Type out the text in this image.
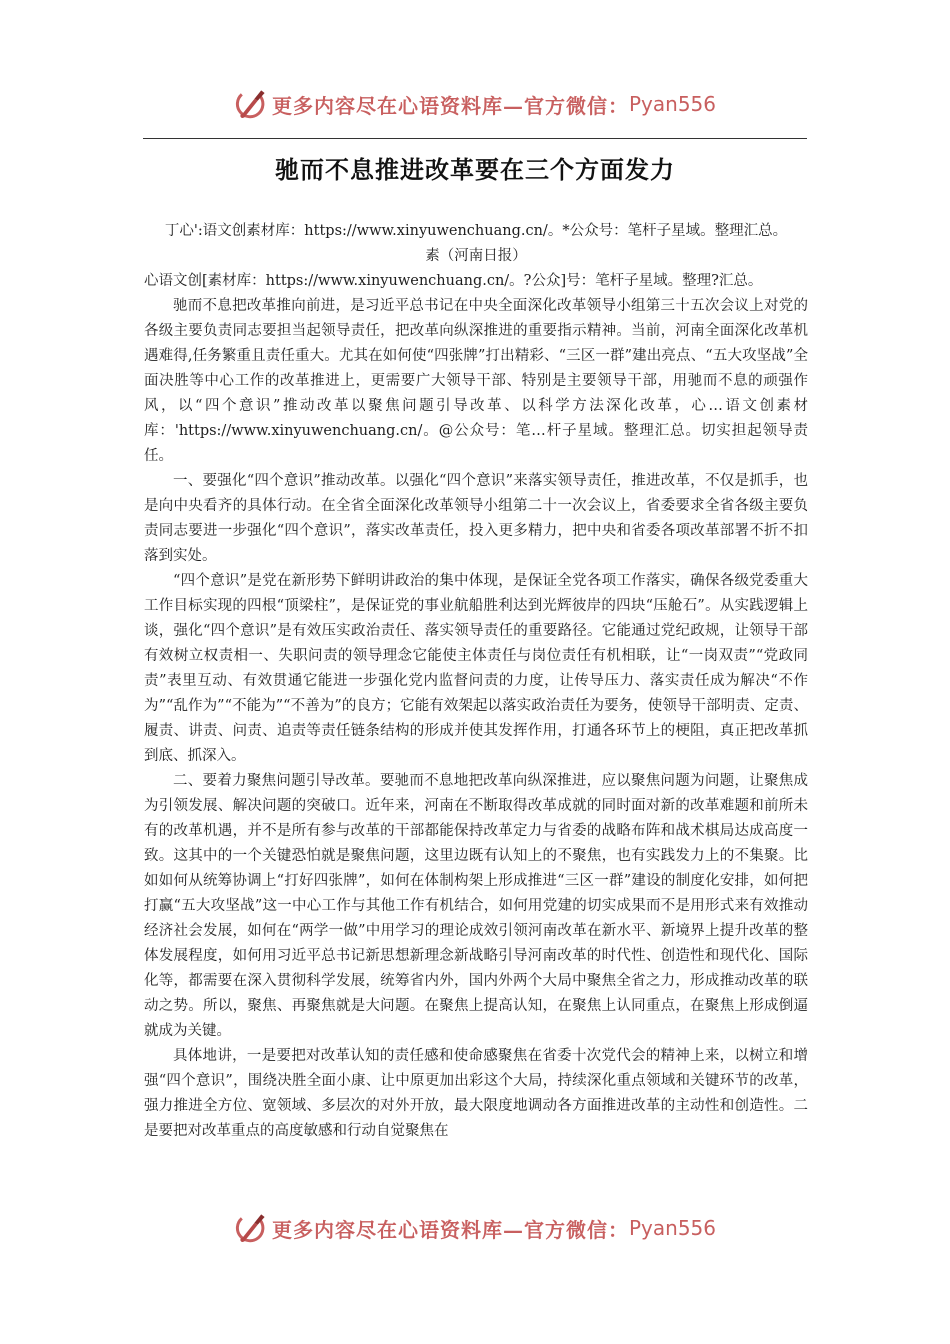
更多内容尽在心语资料库—官方微信： Pyan556
驰而不息推进改革要在三个方面发力

丁心':语文创素材库：https://www.xinyuwenchuang.cn/。*公众号：笔杆子星域。整理汇总。

素（河南日报）

心语文创[素材库：https://www.xinyuwenchuang.cn/。?公众]号：笔杆子星域。整理?汇总。

驰而不息把改革推向前进，是习近平总书记在中央全面深化改革领导小组第三十五次会议上对党的各级主要负责同志要担当起领导责任，把改革向纵深推进的重要指示精神。当前，河南全面深化改革机遇难得,任务繁重且责任重大。尤其在如何使“四张牌”打出精彩、“三区一群”建出亮点、“五大攻坚战”全面决胜等中心工作的改革推进上，更需要广大领导干部、特别是主要领导干部，用驰而不息的顽强作风，以“四个意识”推动改革以聚焦问题引导改革、以科学方法深化改革，心…语文创素材库：'https://www.xinyuwenchuang.cn/。@公众号：笔…杆子星域。整理汇总。切实担起领导责任。

一、要强化“四个意识”推动改革。以强化“四个意识”来落实领导责任，推进改革，不仅是抓手，也是向中央看齐的具体行动。在全省全面深化改革领导小组第二十一次会议上，省委要求全省各级主要负责同志要进一步强化“四个意识”，落实改革责任，投入更多精力，把中央和省委各项改革部署不折不扣落到实处。

“四个意识”是党在新形势下鲜明讲政治的集中体现，是保证全党各项工作落实，确保各级党委重大工作目标实现的四根“顶梁柱”，是保证党的事业航船胜利达到光辉彼岸的四块“压舱石”。从实践逻辑上谈，强化“四个意识”是有效压实政治责任、落实领导责任的重要路径。它能通过党纪政规，让领导干部有效树立权责相一、失职问责的领导理念它能使主体责任与岗位责任有机相联，让“一岗双责”“党政同责”表里互动、有效贯通它能进一步强化党内监督问责的力度，让传导压力、落实责任成为解决“不作为”“乱作为”“不能为”“不善为”的良方；它能有效架起以落实政治责任为要务，使领导干部明责、定责、履责、讲责、问责、追责等责任链条结构的形成并使其发挥作用，打通各环节上的梗阻，真正把改革抓到底、抓深入。

二、要着力聚焦问题引导改革。要驰而不息地把改革向纵深推进，应以聚焦问题为问题，让聚焦成为引领发展、解决问题的突破口。近年来，河南在不断取得改革成就的同时面对新的改革难题和前所未有的改革机遇，并不是所有参与改革的干部都能保持改革定力与省委的战略布阵和战术棋局达成高度一致。这其中的一个关键恐怕就是聚焦问题，这里边既有认知上的不聚焦，也有实践发力上的不集聚。比如如何从统筹协调上“打好四张牌”，如何在体制构架上形成推进“三区一群”建设的制度化安排，如何把打赢“五大攻坚战”这一中心工作与其他工作有机结合，如何用党建的切实成果而不是用形式来有效推动经济社会发展，如何在“两学一做”中用学习的理论成效引领河南改革在新水平、新境界上提升改革的整体发展程度，如何用习近平总书记新思想新理念新战略引导河南改革的时代性、创造性和现代化、国际化等，都需要在深入贯彻科学发展，统筹省内外，国内外两个大局中聚焦全省之力，形成推动改革的联动之势。所以，聚焦、再聚焦就是大问题。在聚焦上提高认知，在聚焦上认同重点，在聚焦上形成倒逼就成为关键。

具体地讲，一是要把对改革认知的责任感和使命感聚焦在省委十次党代会的精神上来，以树立和增强“四个意识”，围绕决胜全面小康、让中原更加出彩这个大局，持续深化重点领域和关键环节的改革，强力推进全方位、宽领域、多层次的对外开放，最大限度地调动各方面推进改革的主动性和创造性。二是要把对改革重点的高度敏感和行动自觉聚焦在

更多内容尽在心语资料库—官方微信： Pyan556
